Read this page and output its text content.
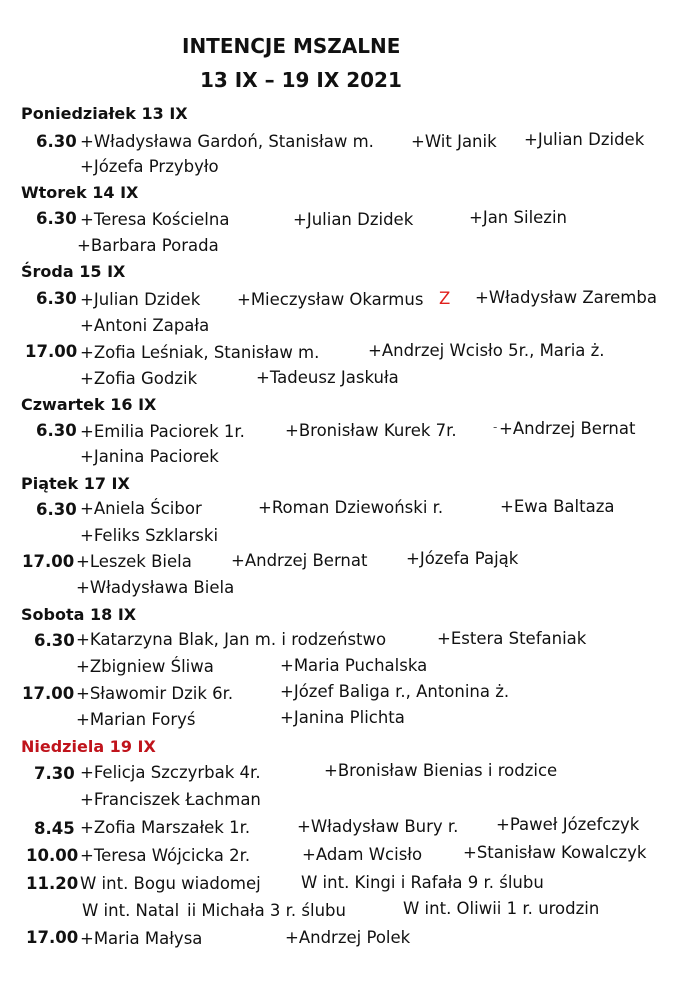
INTENCJE MSZALNE
13 IX – 19 IX 2021
Poniedziałek 13 IX
6.30 +Władysława Gardoń, Stanisław m. +Wit Janik +Julian Dzidek
+Józefa Przybyło
Wtorek 14 IX
6.30 +Teresa Kościelna	+Julian Dzidek	+Jan Silezin
+Barbara Porada
Środa 15 IX
6.30 +Julian Dzidek +Mieczysław Okarmus Z +Władysław Zaremba
+Antoni Zapała
17.00 +Zofia Leśniak, Stanisław m.	+Andrzej Wcisło 5r., Maria ż.
+Zofia Godzik	+Tadeusz Jaskuła
Czwartek 16 IX
6.30 +Emilia Paciorek 1r. +Bronisław Kurek 7r.	- +Andrzej Bernat
+Janina Paciorek
Piątek 17 IX
6.30 +Aniela Ścibor	+Roman Dziewoński r.	+Ewa Baltaza
+Feliks Szklarski
17.00 +Leszek Biela +Andrzej Bernat +Józefa Pająk
+Władysława Biela
Sobota 18 IX
6.30 +Katarzyna Blak, Jan m. i rodzeństwo	+Estera Stefaniak
+Zbigniew Śliwa	+Maria Puchalska
17.00 +Sławomir Dzik 6r.	+Józef Baliga r., Antonina ż.
+Marian Foryś	+Janina Plichta
Niedziela 19 IX
7.30 +Felicja Szczyrbak 4r.	+Bronisław Bienias i rodzice
+Franciszek Łachman
8.45 +Zofia Marszałek 1r.	+Władysław Bury r. +Paweł Józefczyk
10.00 +Teresa Wójcicka 2r.	+Adam Wcisło +Stanisław Kowalczyk
11.20 W int. Bogu wiadomej W int. Kingi i Rafała 9 r. ślubu
W int. Natal ii Michała 3 r. ślubu	W int. Oliwii 1 r. urodzin
17.00 +Maria Małysa	+Andrzej Polek
